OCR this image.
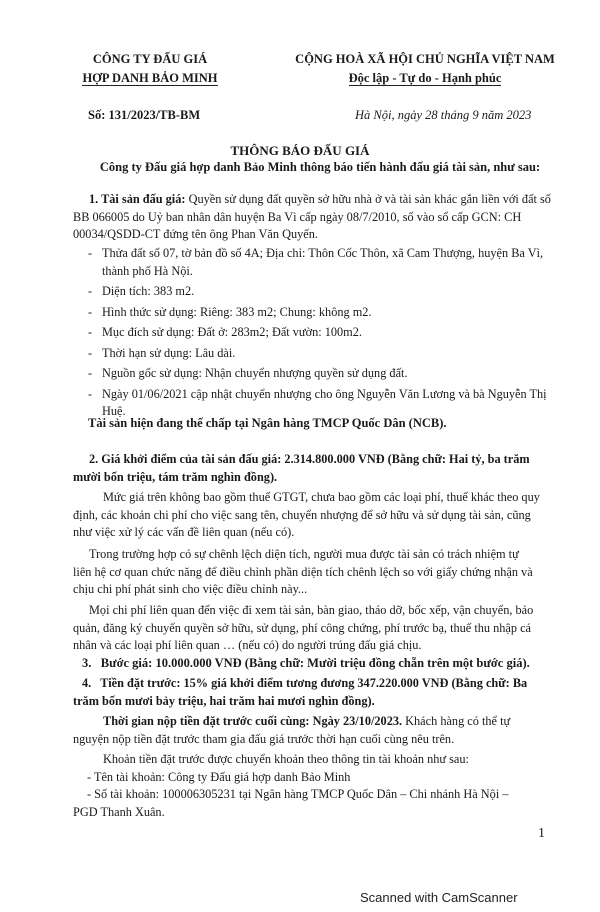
CÔNG TY ĐẤU GIÁ
HỢP DANH BẢO MINH
CỘNG HOÀ XÃ HỘI CHỦ NGHĨA VIỆT NAM
Độc lập - Tự do - Hạnh phúc
Số: 131/2023/TB-BM	Hà Nội, ngày 28 tháng 9 năm 2023
THÔNG BÁO ĐẤU GIÁ
Công ty Đấu giá hợp danh Bảo Minh thông báo tiến hành đấu giá tài sản, như sau:
1. Tài sản đấu giá: Quyền sử dụng đất quyền sở hữu nhà ở và tài sản khác gắn liền với đất số
BB 066005 do Uỷ ban nhân dân huyện Ba Vì cấp ngày 08/7/2010, số vào sổ cấp GCN: CH
00034/QSDD-CT đứng tên ông Phan Văn Quyến.
- Thửa đất số 07, tờ bản đồ số 4A; Địa chỉ: Thôn Cốc Thôn, xã Cam Thượng, huyện Ba Vì,
thành phố Hà Nội.
- Diện tích: 383 m2.
- Hình thức sử dụng: Riêng: 383 m2; Chung: không m2.
- Mục đích sử dụng: Đất ở: 283m2; Đất vườn: 100m2.
- Thời hạn sử dụng: Lâu dài.
- Nguồn gốc sử dụng: Nhận chuyển nhượng quyền sử dụng đất.
- Ngày 01/06/2021 cập nhật chuyển nhượng cho ông Nguyễn Văn Lương và bà Nguyễn Thị
Huệ.
Tài sản hiện đang thế chấp tại Ngân hàng TMCP Quốc Dân (NCB).
2. Giá khởi điểm của tài sản đấu giá: 2.314.800.000 VNĐ (Bằng chữ: Hai tỷ, ba trăm
mười bốn triệu, tám trăm nghìn đồng).
Mức giá trên không bao gồm thuế GTGT, chưa bao gồm các loại phí, thuế khác theo quy
định, các khoản chi phí cho việc sang tên, chuyển nhượng để sở hữu và sử dụng tài sản, cũng
như việc xử lý các vấn đề liên quan (nếu có).
Trong trường hợp có sự chênh lệch diện tích, người mua được tài sản có trách nhiệm tự
liên hệ cơ quan chức năng để điều chỉnh phần diện tích chênh lệch so với giấy chứng nhận và
chịu chi phí phát sinh cho việc điều chỉnh này...
Mọi chi phí liên quan đến việc đi xem tài sản, bàn giao, tháo dỡ, bốc xếp, vận chuyển, bảo
quản, đăng ký chuyển quyền sở hữu, sử dụng, phí công chứng, phí trước bạ, thuế thu nhập cá
nhân và các loại phí liên quan … (nếu có) do người trúng đấu giá chịu.
3.   Bước giá: 10.000.000 VNĐ (Bằng chữ: Mười triệu đồng chẵn trên một bước giá).
4.   Tiền đặt trước: 15% giá khởi điểm tương đương 347.220.000 VNĐ (Bằng chữ: Ba
trăm bốn mươi bảy triệu, hai trăm hai mươi nghìn đồng).
Thời gian nộp tiền đặt trước cuối cùng: Ngày 23/10/2023. Khách hàng có thể tự
nguyện nộp tiền đặt trước tham gia đấu giá trước thời hạn cuối cùng nêu trên.
Khoản tiền đặt trước được chuyển khoản theo thông tin tài khoản như sau:
- Tên tài khoản: Công ty Đấu giá hợp danh Bảo Minh
- Số tài khoản: 100006305231 tại Ngân hàng TMCP Quốc Dân – Chi nhánh Hà Nội –
PGD Thanh Xuân.
1
Scanned with CamScanner
